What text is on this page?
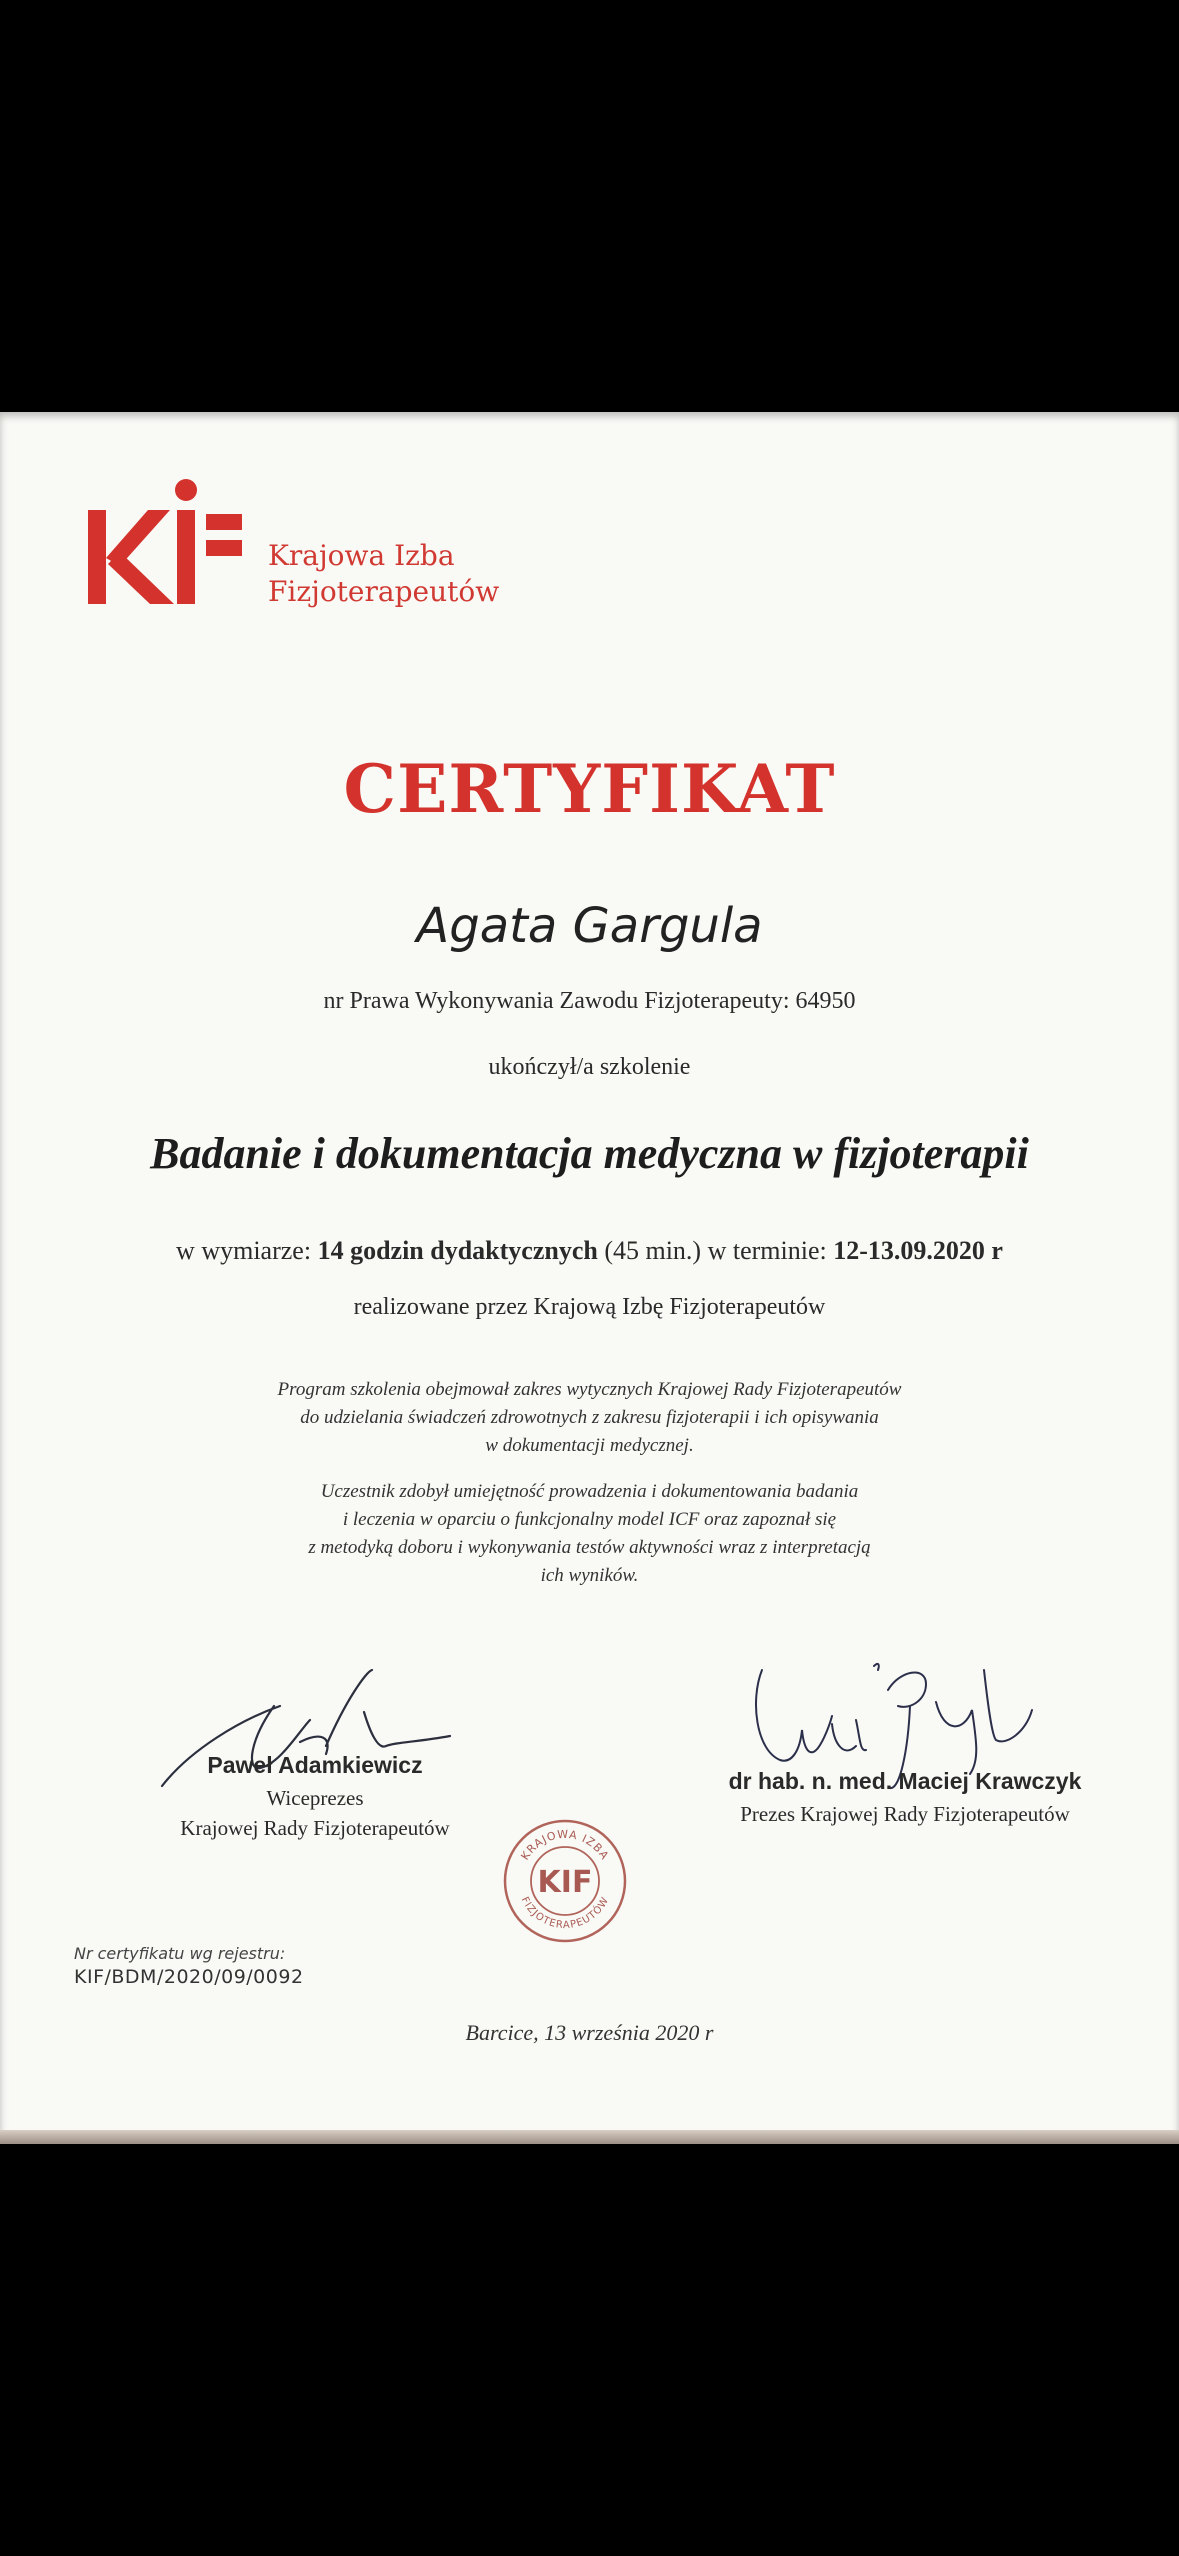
Krajowa Izba
Fizjoterapeutów
CERTYFIKAT
Agata Gargula
nr Prawa Wykonywania Zawodu Fizjoterapeuty: 64950
ukończył/a szkolenie
Badanie i dokumentacja medyczna w fizjoterapii
w wymiarze: 14 godzin dydaktycznych (45 min.) w terminie: 12-13.09.2020 r
realizowane przez Krajową Izbę Fizjoterapeutów
Program szkolenia obejmował zakres wytycznych Krajowej Rady Fizjoterapeutów
do udzielania świadczeń zdrowotnych z zakresu fizjoterapii i ich opisywania
w dokumentacji medycznej.
Uczestnik zdobył umiejętność prowadzenia i dokumentowania badania
i leczenia w oparciu o funkcjonalny model ICF oraz zapoznał się
z metodyką doboru i wykonywania testów aktywności wraz z interpretacją
ich wyników.
Paweł Adamkiewicz
Wiceprezes
Krajowej Rady Fizjoterapeutów
dr hab. n. med. Maciej Krawczyk
Prezes Krajowej Rady Fizjoterapeutów
KRAJOWA IZBA
FIZJOTERAPEUTÓW
KIF
Nr certyfikatu wg rejestru:
KIF/BDM/2020/09/0092
Barcice, 13 września 2020 r
